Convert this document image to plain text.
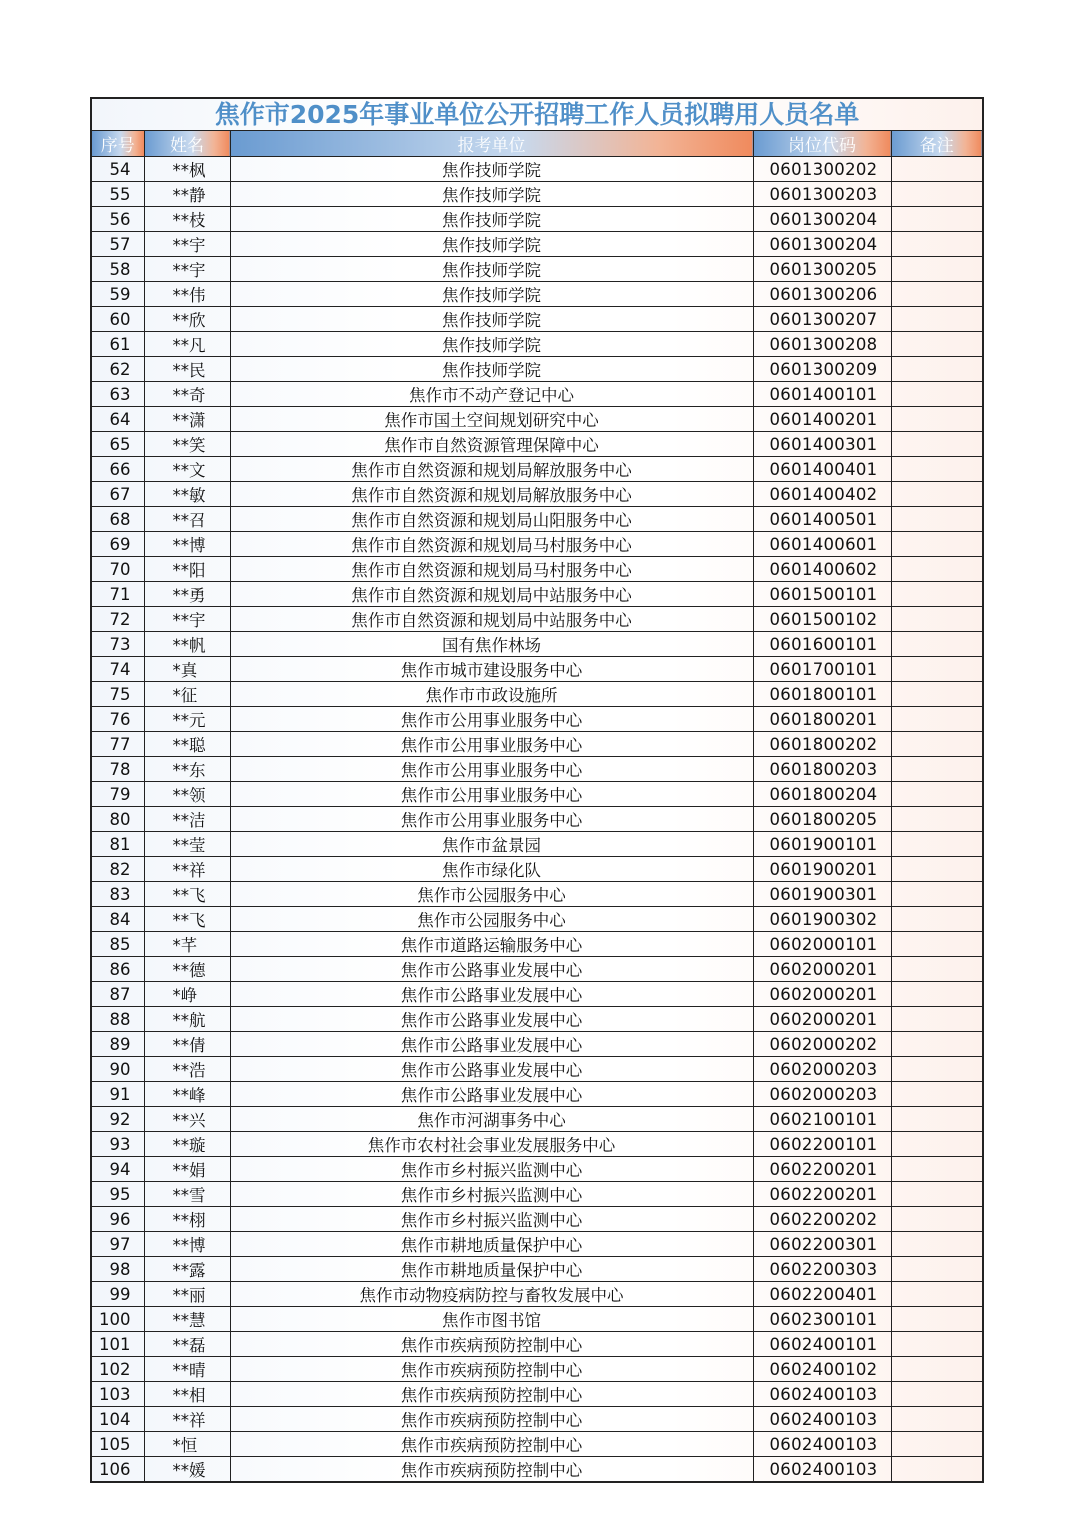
焦作市2025年事业单位公开招聘工作人员拟聘用人员名单
序号	姓名	报考单位	岗位代码	备注
54	**枫	焦作技师学院	0601300202	
55	**静	焦作技师学院	0601300203	
56	**枝	焦作技师学院	0601300204	
57	**宇	焦作技师学院	0601300204	
58	**宇	焦作技师学院	0601300205	
59	**伟	焦作技师学院	0601300206	
60	**欣	焦作技师学院	0601300207	
61	**凡	焦作技师学院	0601300208	
62	**民	焦作技师学院	0601300209	
63	**奇	焦作市不动产登记中心	0601400101	
64	**潇	焦作市国土空间规划研究中心	0601400201	
65	**笑	焦作市自然资源管理保障中心	0601400301	
66	**文	焦作市自然资源和规划局解放服务中心	0601400401	
67	**敏	焦作市自然资源和规划局解放服务中心	0601400402	
68	**召	焦作市自然资源和规划局山阳服务中心	0601400501	
69	**博	焦作市自然资源和规划局马村服务中心	0601400601	
70	**阳	焦作市自然资源和规划局马村服务中心	0601400602	
71	**勇	焦作市自然资源和规划局中站服务中心	0601500101	
72	**宇	焦作市自然资源和规划局中站服务中心	0601500102	
73	**帆	国有焦作林场	0601600101	
74	*真	焦作市城市建设服务中心	0601700101	
75	*征	焦作市市政设施所	0601800101	
76	**元	焦作市公用事业服务中心	0601800201	
77	**聪	焦作市公用事业服务中心	0601800202	
78	**东	焦作市公用事业服务中心	0601800203	
79	**领	焦作市公用事业服务中心	0601800204	
80	**洁	焦作市公用事业服务中心	0601800205	
81	**莹	焦作市盆景园	0601900101	
82	**祥	焦作市绿化队	0601900201	
83	**飞	焦作市公园服务中心	0601900301	
84	**飞	焦作市公园服务中心	0601900302	
85	*芊	焦作市道路运输服务中心	0602000101	
86	**德	焦作市公路事业发展中心	0602000201	
87	*峥	焦作市公路事业发展中心	0602000201	
88	**航	焦作市公路事业发展中心	0602000201	
89	**倩	焦作市公路事业发展中心	0602000202	
90	**浩	焦作市公路事业发展中心	0602000203	
91	**峰	焦作市公路事业发展中心	0602000203	
92	**兴	焦作市河湖事务中心	0602100101	
93	**璇	焦作市农村社会事业发展服务中心	0602200101	
94	**娟	焦作市乡村振兴监测中心	0602200201	
95	**雪	焦作市乡村振兴监测中心	0602200201	
96	**栩	焦作市乡村振兴监测中心	0602200202	
97	**博	焦作市耕地质量保护中心	0602200301	
98	**露	焦作市耕地质量保护中心	0602200303	
99	**丽	焦作市动物疫病防控与畜牧发展中心	0602200401	
100	**慧	焦作市图书馆	0602300101	
101	**磊	焦作市疾病预防控制中心	0602400101	
102	**晴	焦作市疾病预防控制中心	0602400102	
103	**相	焦作市疾病预防控制中心	0602400103	
104	**祥	焦作市疾病预防控制中心	0602400103	
105	*恒	焦作市疾病预防控制中心	0602400103	
106	**媛	焦作市疾病预防控制中心	0602400103	
